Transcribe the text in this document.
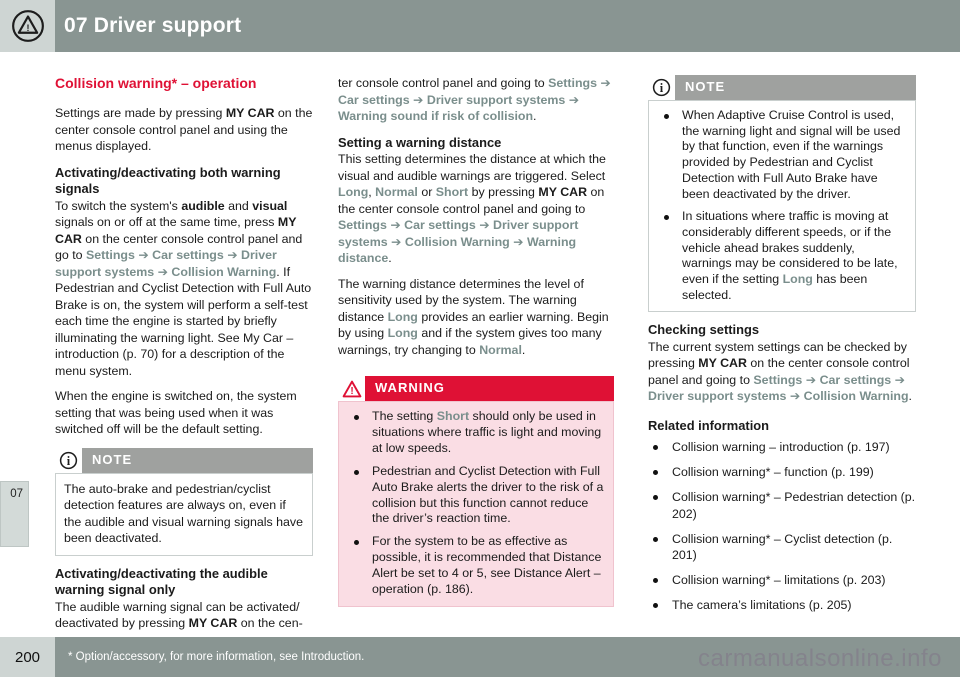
! 07 Driver support
07
Collision warning* – operation

Settings are made by pressing MY CAR on the center console control panel and using the menus displayed.

Activating/deactivating both warning signals

To switch the system's audible and visual signals on or off at the same time, press MY CAR on the center console control panel and go to Settings ➔ Car settings ➔ Driver support systems ➔ Collision Warning. If Pedestrian and Cyclist Detection with Full Auto Brake is on, the system will perform a self-test each time the engine is started by briefly illuminating the warning light. See My Car – introduction (p. 70) for a description of the menu system.

When the engine is switched on, the system setting that was being used when it was switched off will be the default setting.

i	NOTE

The auto-brake and pedestrian/cyclist detection features are always on, even if the audible and visual warning signals have been deactivated.

Activating/deactivating the audible warning signal only

The audible warning signal can be activated/ deactivated by pressing MY CAR on the cen-

ter console control panel and going to Settings ➔ Car settings ➔ Driver support systems ➔ Warning sound if risk of collision.

Setting a warning distance

This setting determines the distance at which the visual and audible warnings are triggered. Select Long, Normal or Short by pressing MY CAR on the center console control panel and going to Settings ➔ Car settings ➔ Driver support systems ➔ Collision Warning ➔ Warning distance.

The warning distance determines the level of sensitivity used by the system. The warning distance Long provides an earlier warning. Begin by using Long and if the system gives too many warnings, try changing to Normal.

!	WARNING
The setting Short should only be used in situations where traffic is light and moving at low speeds.
Pedestrian and Cyclist Detection with Full Auto Brake alerts the driver to the risk of a collision but this function cannot reduce the driver’s reaction time.
For the system to be as effective as possible, it is recommended that Distance Alert be set to 4 or 5, see Distance Alert – operation (p. 186).
i	NOTE
When Adaptive Cruise Control is used, the warning light and signal will be used by that function, even if the warnings provided by Pedestrian and Cyclist Detection with Full Auto Brake have been deactivated by the driver.
In situations where traffic is moving at considerably different speeds, or if the vehicle ahead brakes suddenly, warnings may be considered to be late, even if the setting Long has been selected.
Checking settings

The current system settings can be checked by pressing MY CAR on the center console control panel and going to Settings ➔ Car settings ➔ Driver support systems ➔ Collision Warning.

Related information
Collision warning – introduction (p. 197)
Collision warning* – function (p. 199)
Collision warning* – Pedestrian detection (p. 202)
Collision warning* – Cyclist detection (p. 201)
Collision warning* – limitations (p. 203)
The camera’s limitations (p. 205)
200	* Option/accessory, for more information, see Introduction.	carmanualsonline.info
